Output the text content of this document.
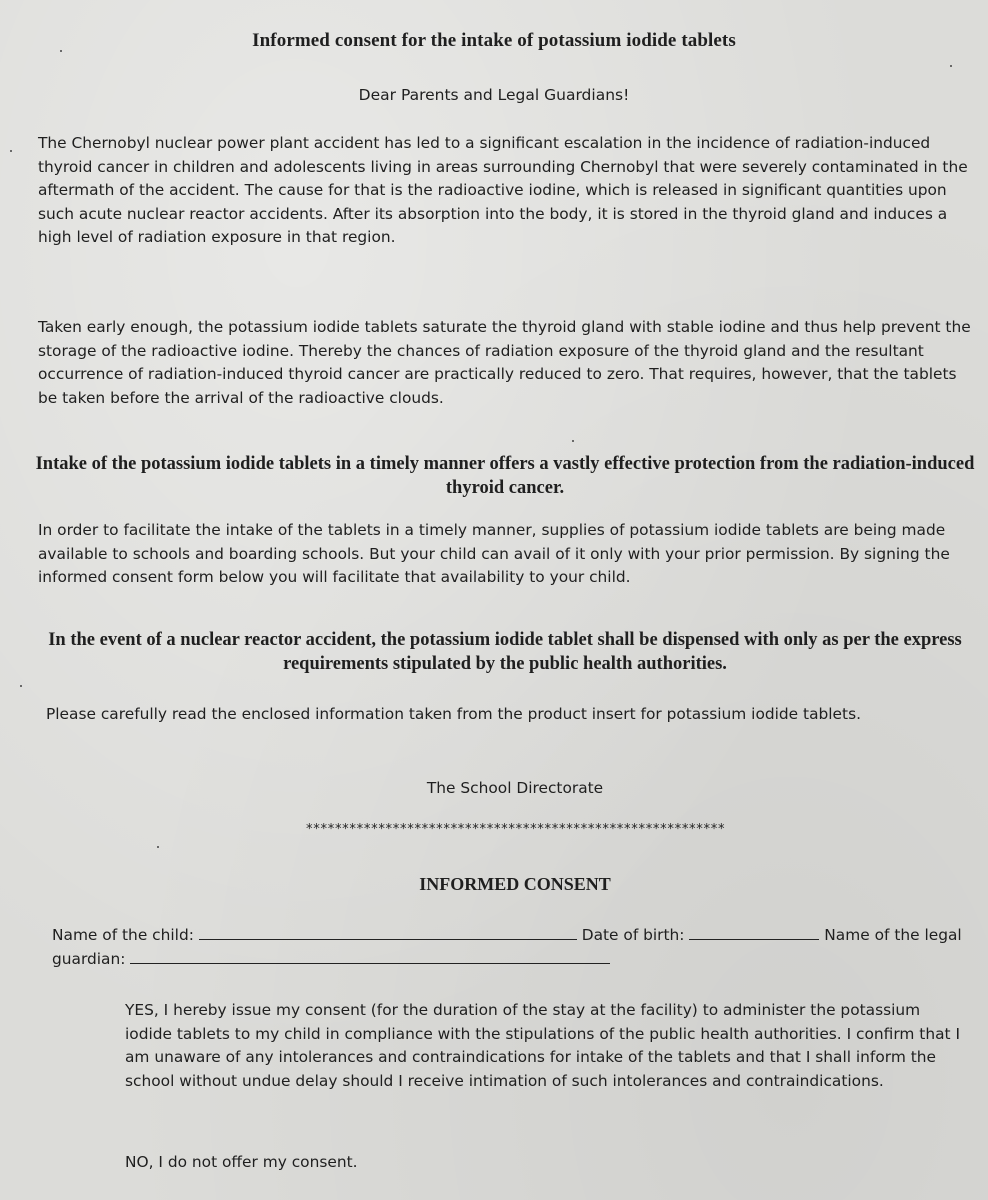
Informed consent for the intake of potassium iodide tablets
Dear Parents and Legal Guardians!

The Chernobyl nuclear power plant accident has led to a significant escalation in the incidence of radiation-induced thyroid cancer in children and adolescents living in areas surrounding Chernobyl that were severely contaminated in the aftermath of the accident. The cause for that is the radioactive iodine, which is released in significant quantities upon such acute nuclear reactor accidents. After its absorption into the body, it is stored in the thyroid gland and induces a high level of radiation exposure in that region.

Taken early enough, the potassium iodide tablets saturate the thyroid gland with stable iodine and thus help prevent the storage of the radioactive iodine. Thereby the chances of radiation exposure of the thyroid gland and the resultant occurrence of radiation-induced thyroid cancer are practically reduced to zero. That requires, however, that the tablets be taken before the arrival of the radioactive clouds.

Intake of the potassium iodide tablets in a timely manner offers a vastly effective protection from the radiation-induced thyroid cancer.

In order to facilitate the intake of the tablets in a timely manner, supplies of potassium iodide tablets are being made available to schools and boarding schools. But your child can avail of it only with your prior permission. By signing the informed consent form below you will facilitate that availability to your child.

In the event of a nuclear reactor accident, the potassium iodide tablet shall be dispensed with only as per the express requirements stipulated by the public health authorities.

Please carefully read the enclosed information taken from the product insert for potassium iodide tablets.

The School Directorate
**********************************************************
INFORMED CONSENT
Name of the child:	Date of birth:	Name of the legal guardian:

YES, I hereby issue my consent (for the duration of the stay at the facility) to administer the potassium iodide tablets to my child in compliance with the stipulations of the public health authorities. I confirm that I am unaware of any intolerances and contraindications for intake of the tablets and that I shall inform the school without undue delay should I receive intimation of such intolerances and contraindications.

NO, I do not offer my consent.
